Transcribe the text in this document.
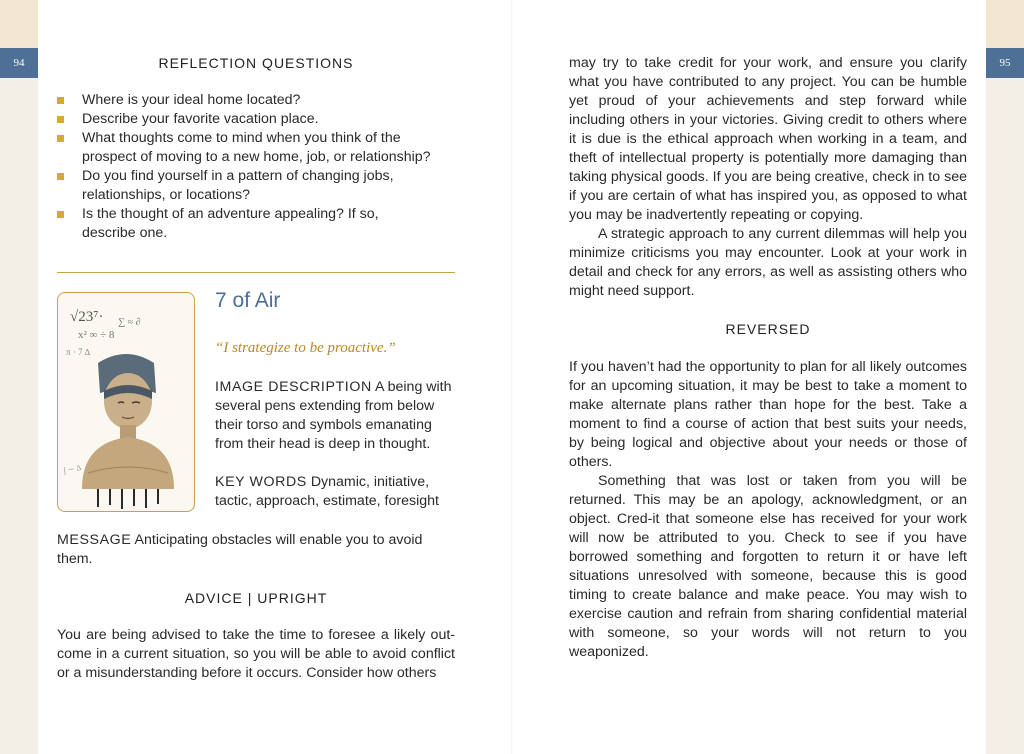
94	95
REFLECTION QUESTIONS
Where is your ideal home located?
Describe your favorite vacation place.
What thoughts come to mind when you think of the prospect of moving to a new home, job, or relationship?
Do you find yourself in a pattern of changing jobs, relationships, or locations?
Is the thought of an adventure appealing? If so, describe one.
√23⁷·
x² ∞ ÷ 8
∑ ≈ ∂
π · 7 ∆
∫ ∼ ∆
7 of Air
“I strategize to be proactive.”
IMAGE DESCRIPTION A being with several pens extending from below their torso and symbols emanating from their head is deep in thought.
KEY WORDS Dynamic, initiative, tactic, approach, estimate, foresight
MESSAGE Anticipating obstacles will enable you to avoid them.
ADVICE | UPRIGHT

You are being advised to take the time to foresee a likely out-come in a current situation, so you will be able to avoid conflict or a misunderstanding before it occurs. Consider how others

may try to take credit for your work, and ensure you clarify what you have contributed to any project. You can be humble yet proud of your achievements and step forward while including others in your victories. Giving credit to others where it is due is the ethical approach when working in a team, and theft of intellectual property is potentially more damaging than taking physical goods. If you are being creative, check in to see if you are certain of what has inspired you, as opposed to what you may be inadvertently repeating or copying.

A strategic approach to any current dilemmas will help you minimize criticisms you may encounter. Look at your work in detail and check for any errors, as well as assisting others who might need support.

REVERSED

If you haven’t had the opportunity to plan for all likely outcomes for an upcoming situation, it may be best to take a moment to make alternate plans rather than hope for the best. Take a moment to find a course of action that best suits your needs, by being logical and objective about your needs or those of others.

Something that was lost or taken from you will be returned. This may be an apology, acknowledgment, or an object. Cred-it that someone else has received for your work will now be attributed to you. Check to see if you have borrowed something and forgotten to return it or have left situations unresolved with someone, because this is good timing to create balance and make peace. You may wish to exercise caution and refrain from sharing confidential material with someone, so your words will not return to you weaponized.
